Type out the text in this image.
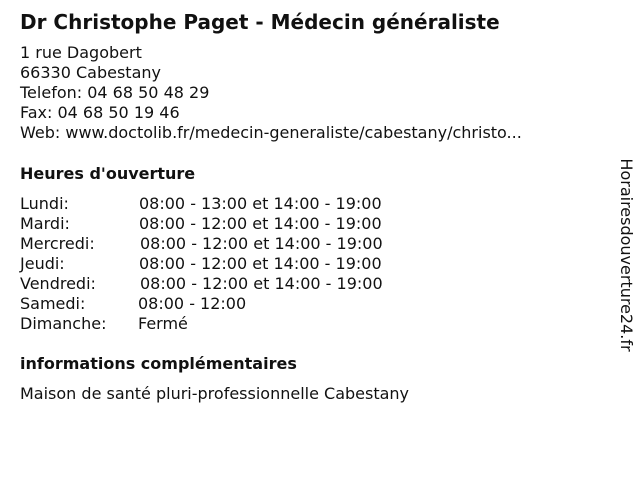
Dr Christophe Paget - Médecin généraliste
1 rue Dagobert
66330 Cabestany
Telefon: 04 68 50 48 29
Fax: 04 68 50 19 46
Web: www.doctolib.fr/medecin-generaliste/cabestany/christo...
Heures d'ouverture
Lundi:	08:00 - 13:00 et 14:00 - 19:00
Mardi:	08:00 - 12:00 et 14:00 - 19:00
Mercredi:	08:00 - 12:00 et 14:00 - 19:00
Jeudi:	08:00 - 12:00 et 14:00 - 19:00
Vendredi:	08:00 - 12:00 et 14:00 - 19:00
Samedi:	08:00 - 12:00
Dimanche: Fermé
informations complémentaires
Maison de santé pluri-professionnelle Cabestany
Horairesdouverture24.fr
